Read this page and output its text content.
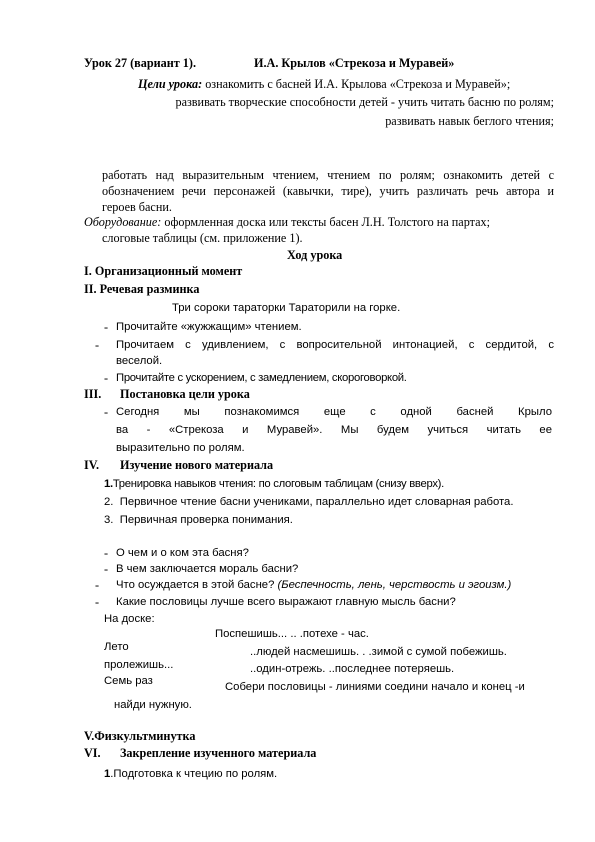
Урок 27 (вариант 1).	И.А. Крылов «Стрекоза и Муравей»
Цели урока: ознакомить с басней И.А. Крылова «Стрекоза и Муравей»;
развивать творческие способности детей - учить читать басню по ролям;
развивать навык беглого чтения;
работать над выразительным чтением, чтением по ролям; ознакомить детей с
обозначением речи персонажей (кавычки, тире), учить различать речь автора и
героев басни.
Оборудование: оформленная доска или тексты басен Л.Н. Толстого на партах;
слоговые таблицы (см. приложение 1).
Ход урока
I. Организационный момент
II. Речевая разминка
Три сороки тараторки Тараторили на горке.
- Прочитайте «жужжащим» чтением.
- Прочитаем с удивлением, с вопросительной интонацией, с сердитой, с
веселой.
- Прочитайте с ускорением, с замедлением, скороговоркой.
III. Постановка цели урока
- Сегодня мы познакомимся еще с одной басней Крыло
ва - «Стрекоза и Муравей». Мы будем учиться читать ее
выразительно по ролям.
IV. Изучение нового материала
1.Тренировка навыков чтения: по слоговым таблицам (снизу вверх).
2. Первичное чтение басни учениками, параллельно идет словарная работа.
3. Первичная проверка понимания.
- О чем и о ком эта басня?
- В чем заключается мораль басни?
- Что осуждается в этой басне? (Беспечность, лень, черствость и эгоизм.)
- Какие пословицы лучше всего выражают главную мысль басни?
На доске:
Лето
пролежишь...
Семь раз
Поспешишь... .. .потехе - час.
..людей насмешишь. . .зимой с сумой побежишь.
..один-отрежь. ..последнее потеряешь.
Собери пословицы - линиями соедини начало и конец -и
найди нужную.
V.Физкультминутка
VI. Закрепление изученного материала
1.Подготовка к чтецию по ролям.
